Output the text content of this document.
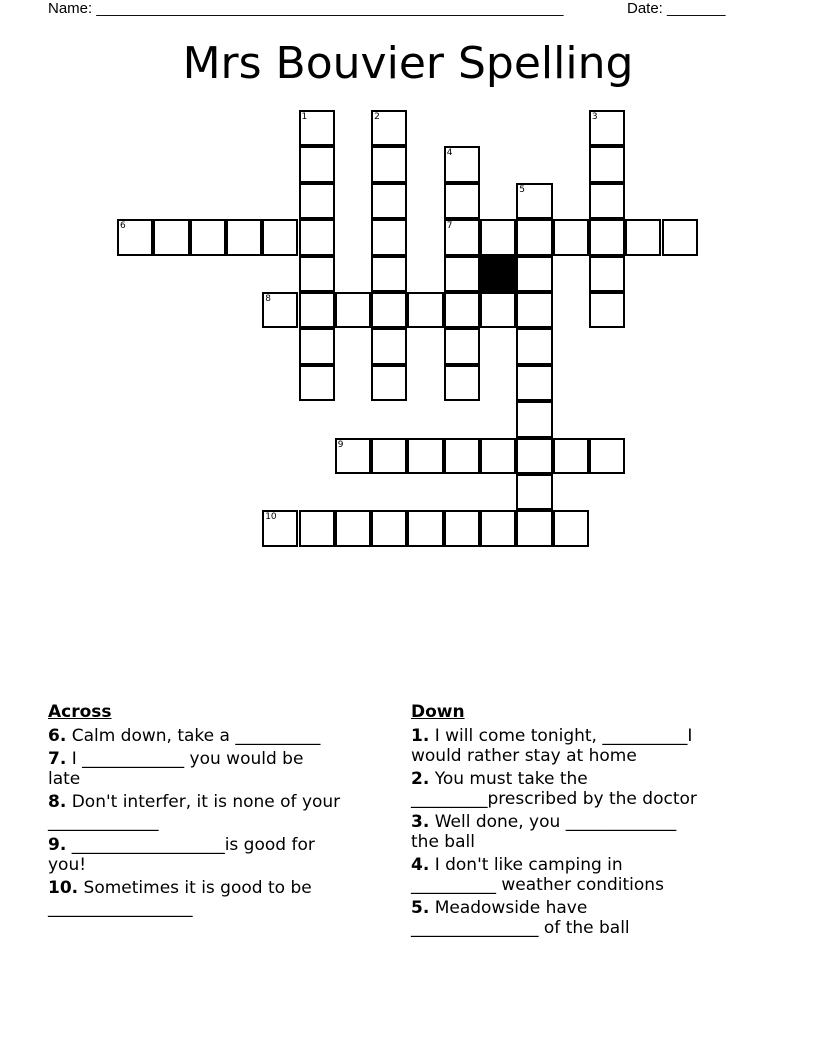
Name: ________________________________________________________	Date: _______
Mrs Bouvier Spelling
1	2	3
4
7
5
6
8
9
10
Across
6. Calm down, take a __________
7. I ____________ you would be
late
8. Don't interfer, it is none of your
_____________
9. __________________is good for
you!
10. Sometimes it is good to be
_________________
Down
1. I will come tonight, __________I
would rather stay at home
2. You must take the
_________prescribed by the doctor
3. Well done, you _____________
the ball
4. I don't like camping in
__________ weather conditions
5. Meadowside have
_______________ of the ball
